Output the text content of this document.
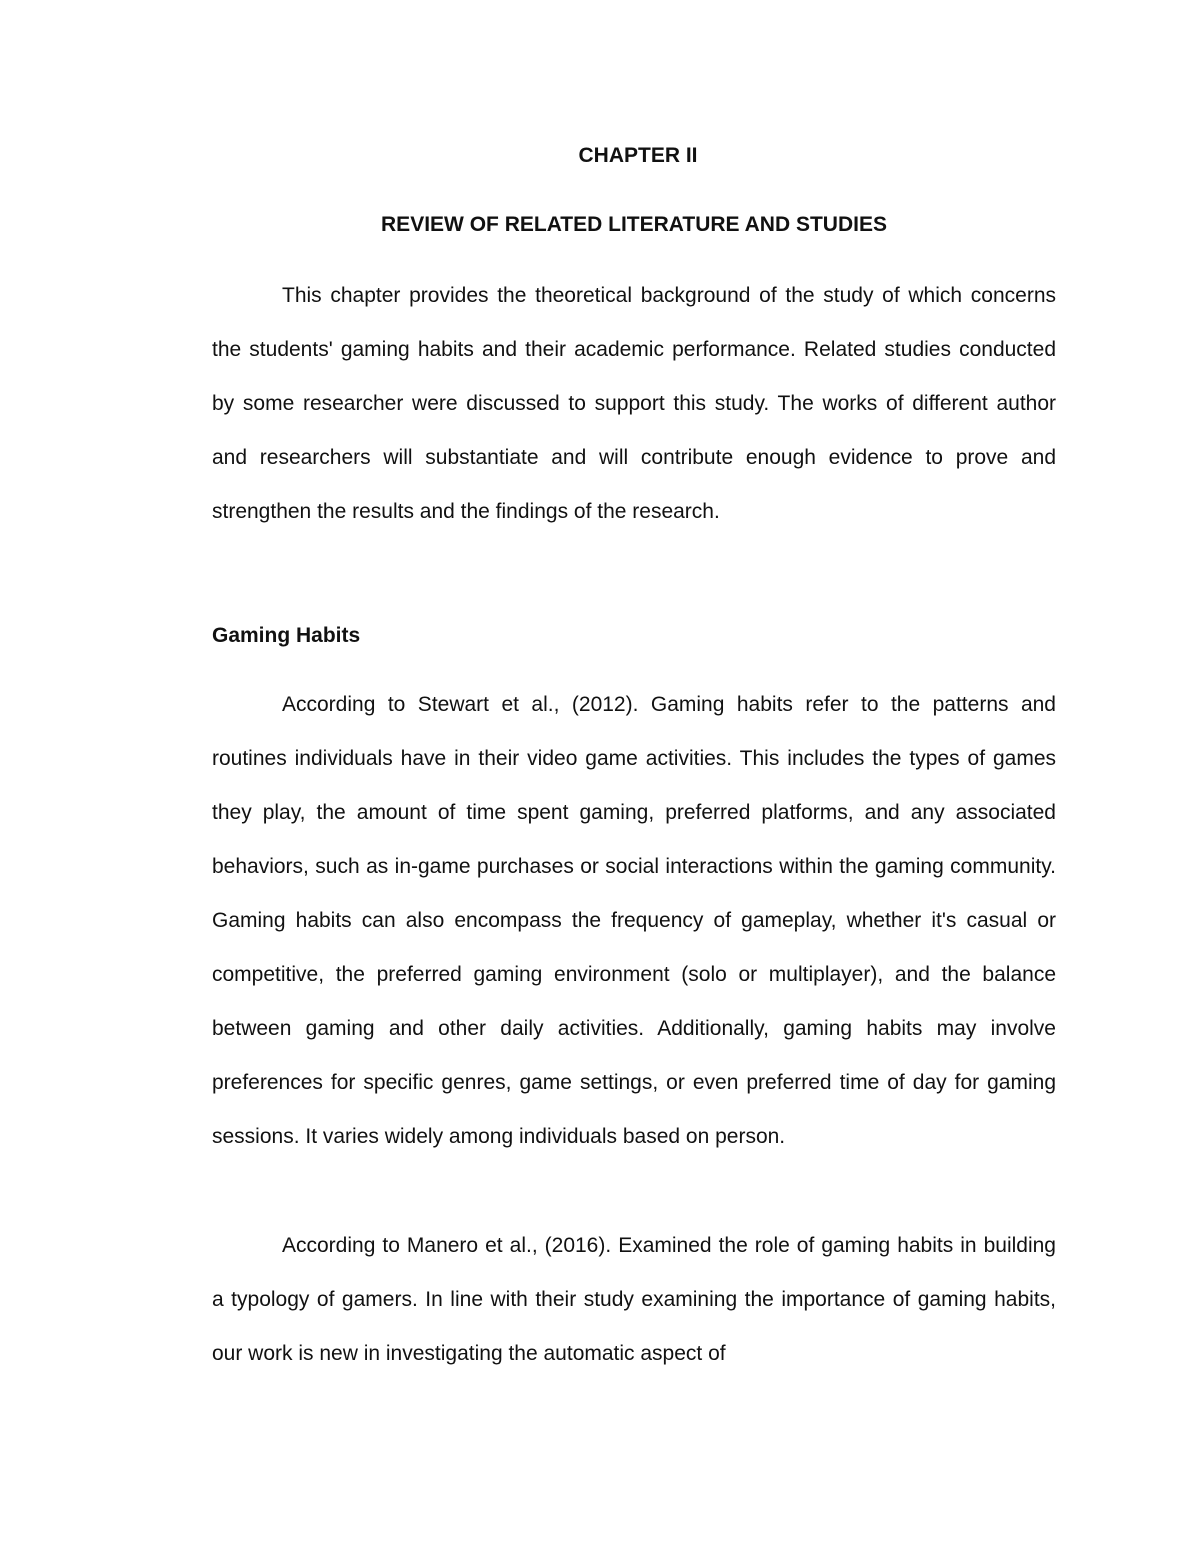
CHAPTER II
REVIEW OF RELATED LITERATURE AND STUDIES

This chapter provides the theoretical background of the study of which concerns the students' gaming habits and their academic performance. Related studies conducted by some researcher were discussed to support this study. The works of different author and researchers will substantiate and will contribute enough evidence to prove and strengthen the results and the findings of the research.

Gaming Habits

According to Stewart et al., (2012). Gaming habits refer to the patterns and routines individuals have in their video game activities. This includes the types of games they play, the amount of time spent gaming, preferred platforms, and any associated behaviors, such as in-game purchases or social interactions within the gaming community. Gaming habits can also encompass the frequency of gameplay, whether it's casual or competitive, the preferred gaming environment (solo or multiplayer), and the balance between gaming and other daily activities. Additionally, gaming habits may involve preferences for specific genres, game settings, or even preferred time of day for gaming sessions. It varies widely among individuals based on person.

According to Manero et al., (2016). Examined the role of gaming habits in building a typology of gamers. In line with their study examining the importance of gaming habits, our work is new in investigating the automatic aspect of
